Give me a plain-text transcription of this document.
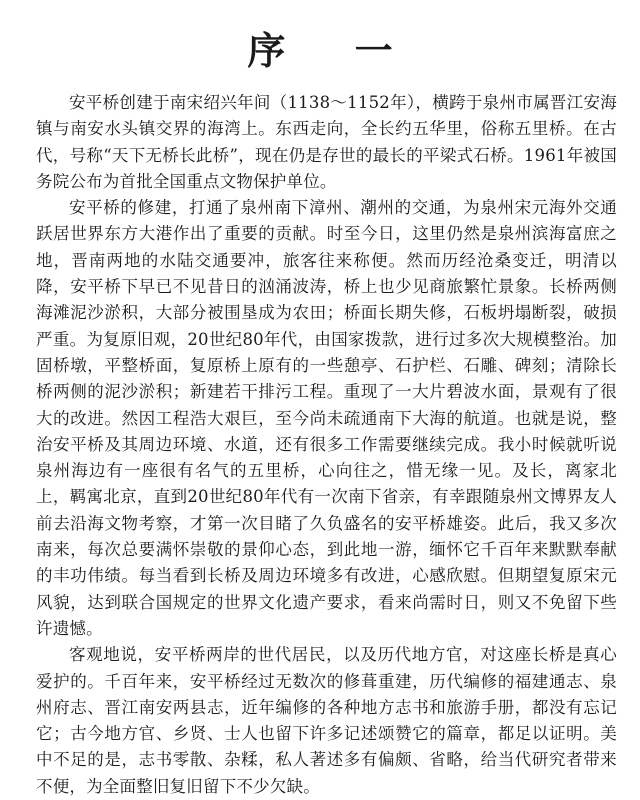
序 一

安平桥创建于南宋绍兴年间（1138～1152年），横跨于泉州市属晋江安海镇与南安水头镇交界的海湾上。东西走向，全长约五华里，俗称五里桥。在古代，号称“天下无桥长此桥”，现在仍是存世的最长的平梁式石桥。1961年被国务院公布为首批全国重点文物保护单位。

安平桥的修建，打通了泉州南下漳州、潮州的交通，为泉州宋元海外交通跃居世界东方大港作出了重要的贡献。时至今日，这里仍然是泉州滨海富庶之地，晋南两地的水陆交通要冲，旅客往来称便。然而历经沧桑变迁，明清以降，安平桥下早已不见昔日的汹涌波涛，桥上也少见商旅繁忙景象。长桥两侧海滩泥沙淤积，大部分被围垦成为农田；桥面长期失修，石板坍塌断裂，破损严重。为复原旧观，20世纪80年代，由国家拨款，进行过多次大规模整治。加固桥墩，平整桥面，复原桥上原有的一些憩亭、石护栏、石雕、碑刻；清除长桥两侧的泥沙淤积；新建若干排污工程。重现了一大片碧波水面，景观有了很大的改进。然因工程浩大艰巨，至今尚未疏通南下大海的航道。也就是说，整治安平桥及其周边环境、水道，还有很多工作需要继续完成。我小时候就听说泉州海边有一座很有名气的五里桥，心向往之，惜无缘一见。及长，离家北上，羁寓北京，直到20世纪80年代有一次南下省亲，有幸跟随泉州文博界友人前去沿海文物考察，才第一次目睹了久负盛名的安平桥雄姿。此后，我又多次南来，每次总要满怀崇敬的景仰心态，到此地一游，缅怀它千百年来默默奉献的丰功伟绩。每当看到长桥及周边环境多有改进，心感欣慰。但期望复原宋元风貌，达到联合国规定的世界文化遗产要求，看来尚需时日，则又不免留下些许遗憾。

客观地说，安平桥两岸的世代居民，以及历代地方官，对这座长桥是真心爱护的。千百年来，安平桥经过无数次的修葺重建，历代编修的福建通志、泉州府志、晋江南安两县志，近年编修的各种地方志书和旅游手册，都没有忘记它；古今地方官、乡贤、士人也留下许多记述颂赞它的篇章，都足以证明。美中不足的是，志书零散、杂糅，私人著述多有偏颇、省略，给当代研究者带来不便，为全面整旧复旧留下不少欠缺。
